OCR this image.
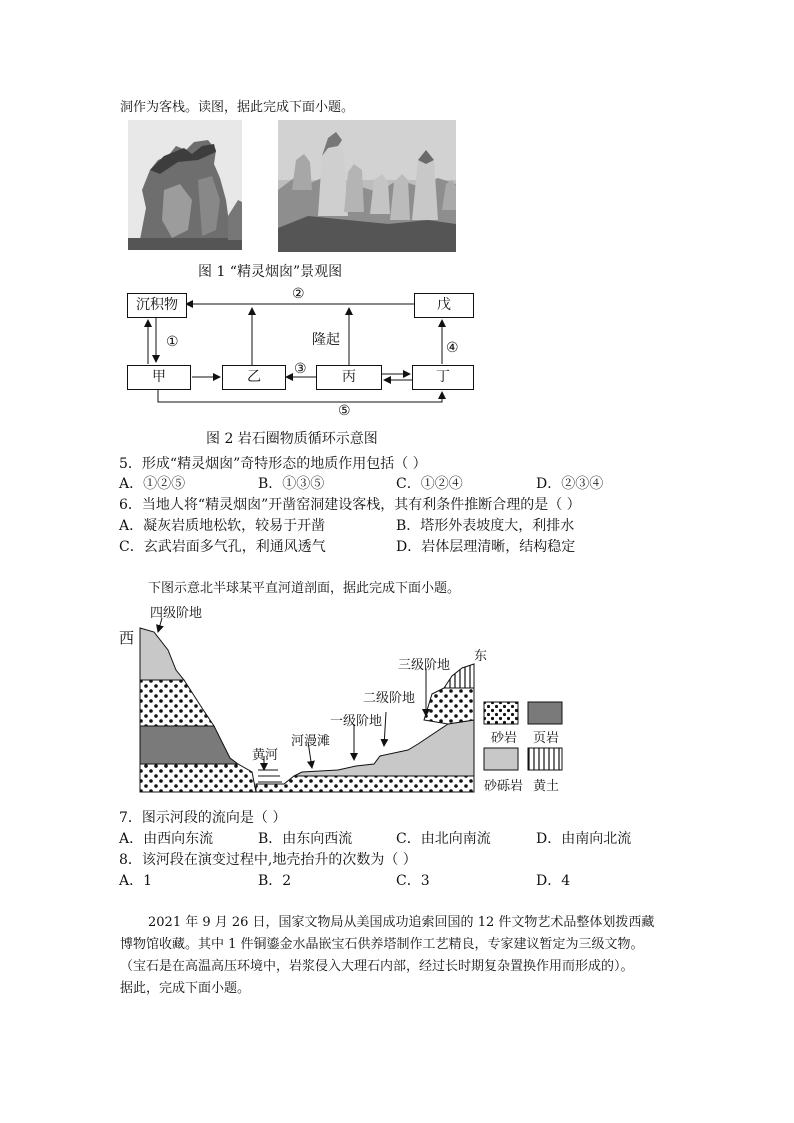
洞作为客栈。读图，据此完成下面小题。
图 1 “精灵烟囱”景观图
沉积物	戊
甲	乙	丙	丁
②
①	隆起	④
③
⑤
图 2 岩石圈物质循环示意图
5．形成“精灵烟囱”奇特形态的地质作用包括（ ）
A．①②⑤	B．①③⑤	C．①②④	D．②③④
6．当地人将“精灵烟囱”开凿窑洞建设客栈，其有利条件推断合理的是（ ）
A．凝灰岩质地松软，较易于开凿	B．塔形外表坡度大，利排水
C．玄武岩面多气孔，利通风透气	D．岩体层理清晰，结构稳定
下图示意北半球某平直河道剖面，据此完成下面小题。
四级阶地
西
东
三级阶地
二级阶地
一级阶地
河漫滩
黄河
砂岩 页岩
砂砾岩 黄土
7．图示河段的流向是（ ）
A．由西向东流	B．由东向西流	C．由北向南流	D．由南向北流
8．该河段在演变过程中,地壳抬升的次数为（ ）
A．1	B．2	C．3	D．4
2021 年 9 月 26 日，国家文物局从美国成功追索回国的 12 件文物艺术品整体划拨西藏
博物馆收藏。其中 1 件铜鎏金水晶嵌宝石供养塔制作工艺精良，专家建议暂定为三级文物。
（宝石是在高温高压环境中，岩浆侵入大理石内部，经过长时期复杂置换作用而形成的）。
据此，完成下面小题。
